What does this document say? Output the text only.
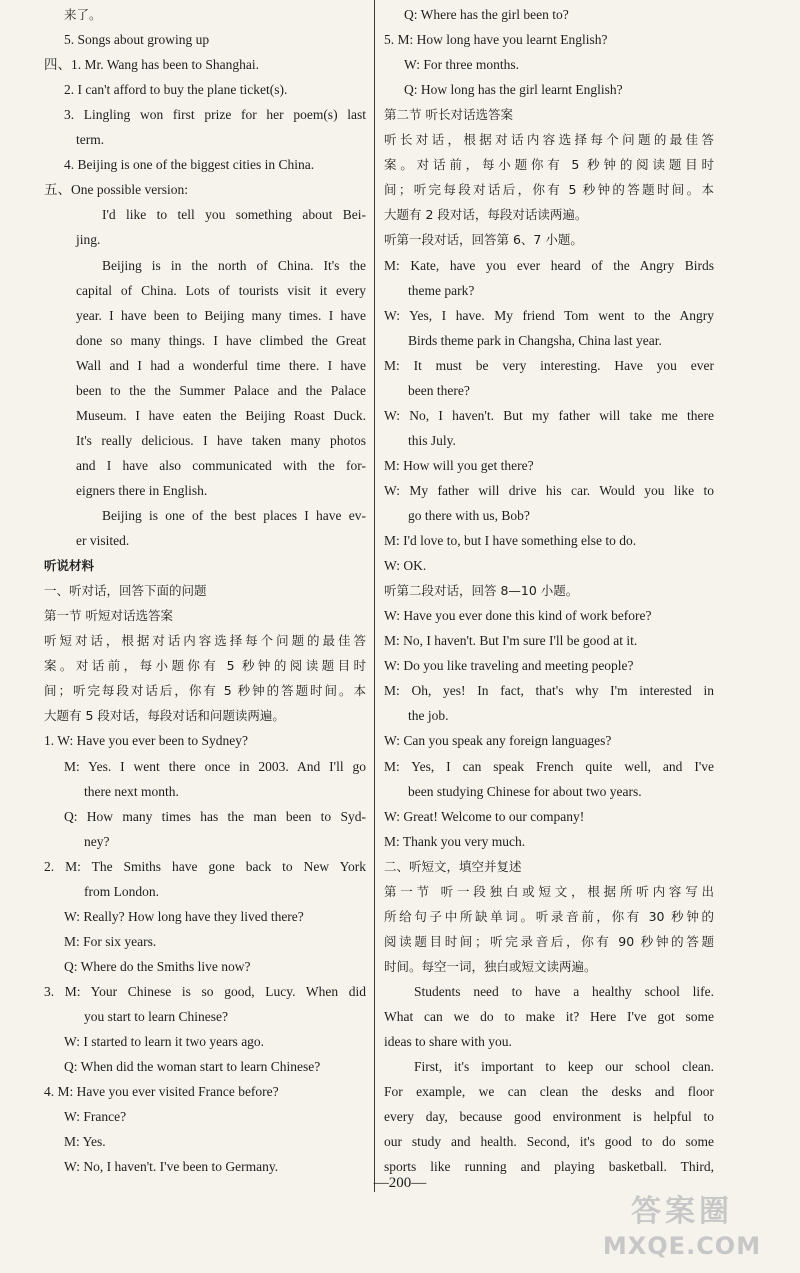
来了。
5. Songs about growing up
四、1. Mr. Wang has been to Shanghai.
2. I can't afford to buy the plane ticket(s).
3. Lingling won first prize for her poem(s) last
term.
4. Beijing is one of the biggest cities in China.
五、One possible version:
I'd like to tell you something about Bei-
jing.
Beijing is in the north of China. It's the
capital of China. Lots of tourists visit it every
year. I have been to Beijing many times. I have
done so many things. I have climbed the Great
Wall and I had a wonderful time there. I have
been to the the Summer Palace and the Palace
Museum. I have eaten the Beijing Roast Duck.
It's really delicious. I have taken many photos
and I have also communicated with the for-
eigners there in English.
Beijing is one of the best places I have ev-
er visited.
听说材料
一、听对话，回答下面的问题
第一节 听短对话选答案
听短对话，根据对话内容选择每个问题的最佳答
案。对话前，每小题你有 5 秒钟的阅读题目时
间；听完每段对话后，你有 5 秒钟的答题时间。本
大题有 5 段对话，每段对话和问题读两遍。
1. W: Have you ever been to Sydney?
M: Yes. I went there once in 2003. And I'll go
there next month.
Q: How many times has the man been to Syd-
ney?
2. M: The Smiths have gone back to New York
from London.
W: Really? How long have they lived there?
M: For six years.
Q: Where do the Smiths live now?
3. M: Your Chinese is so good, Lucy. When did
you start to learn Chinese?
W: I started to learn it two years ago.
Q: When did the woman start to learn Chinese?
4. M: Have you ever visited France before?
W: France?
M: Yes.
W: No, I haven't. I've been to Germany.
Q: Where has the girl been to?
5. M: How long have you learnt English?
W: For three months.
Q: How long has the girl learnt English?
第二节 听长对话选答案
听长对话，根据对话内容选择每个问题的最佳答
案。对话前，每小题你有 5 秒钟的阅读题目时
间；听完每段对话后，你有 5 秒钟的答题时间。本
大题有 2 段对话，每段对话读两遍。
听第一段对话，回答第 6、7 小题。
M: Kate, have you ever heard of the Angry Birds
theme park?
W: Yes, I have. My friend Tom went to the Angry
Birds theme park in Changsha, China last year.
M: It must be very interesting. Have you ever
been there?
W: No, I haven't. But my father will take me there
this July.
M: How will you get there?
W: My father will drive his car. Would you like to
go there with us, Bob?
M: I'd love to, but I have something else to do.
W: OK.
听第二段对话，回答 8—10 小题。
W: Have you ever done this kind of work before?
M: No, I haven't. But I'm sure I'll be good at it.
W: Do you like traveling and meeting people?
M: Oh, yes! In fact, that's why I'm interested in
the job.
W: Can you speak any foreign languages?
M: Yes, I can speak French quite well, and I've
been studying Chinese for about two years.
W: Great! Welcome to our company!
M: Thank you very much.
二、听短文，填空并复述
第一节 听一段独白或短文，根据所听内容写出
所给句子中所缺单词。听录音前，你有 30 秒钟的
阅读题目时间；听完录音后，你有 90 秒钟的答题
时间。每空一词，独白或短文读两遍。
Students need to have a healthy school life.
What can we do to make it? Here I've got some
ideas to share with you.
First, it's important to keep our school clean.
For example, we can clean the desks and floor
every day, because good environment is helpful to
our study and health. Second, it's good to do some
sports like running and playing basketball. Third,
—200—
答案圈
MXQE.COM
